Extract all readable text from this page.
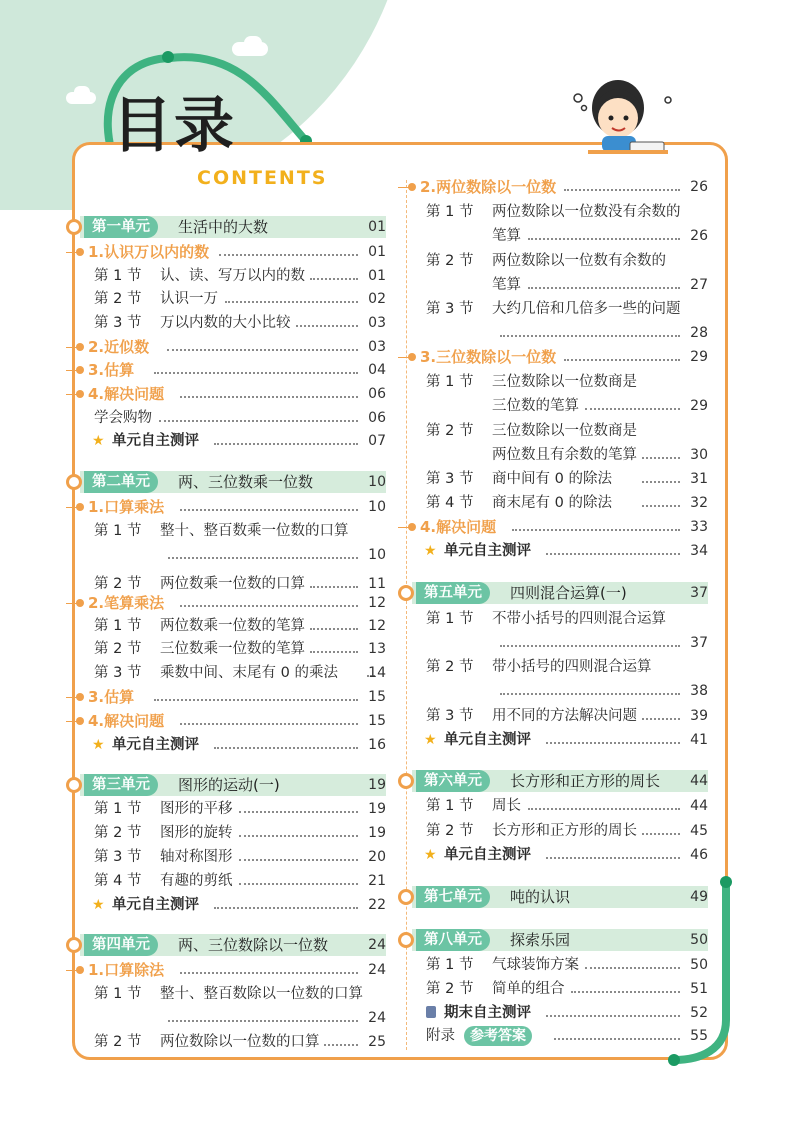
目录
CONTENTS
第一单元	生活中的大数	01
1.认识万以内的数	01
第 1 节 认、读、写万以内的数	01
第 2 节 认识一万	02
第 3 节 万以内数的大小比较	03
2.近似数	03
3.估算	04
4.解决问题	06
学会购物	06
★ 单元自主测评	07
第二单元	两、三位数乘一位数	10
1.口算乘法	10
第 1 节 整十、整百数乘一位数的口算
10
第 2 节 两位数乘一位数的口算	11
2.笔算乘法	12
第 1 节 两位数乘一位数的笔算	12
第 2 节 三位数乘一位数的笔算	13
第 3 节 乘数中间、末尾有 0 的乘法 14
3.估算	15
4.解决问题	15
★ 单元自主测评	16
第三单元	图形的运动(一)	19
第 1 节 图形的平移	19
第 2 节 图形的旋转	19
第 3 节 轴对称图形	20
第 4 节 有趣的剪纸	21
★ 单元自主测评	22
第四单元	两、三位数除以一位数	24
1.口算除法	24
第 1 节 整十、整百数除以一位数的口算
24
第 2 节 两位数除以一位数的口算	25
2.两位数除以一位数	26
第 1 节 两位数除以一位数没有余数的
笔算	26
第 2 节 两位数除以一位数有余数的
笔算	27
第 3 节 大约几倍和几倍多一些的问题
28
3.三位数除以一位数	29
第 1 节 三位数除以一位数商是
三位数的笔算	29
第 2 节 三位数除以一位数商是
两位数且有余数的笔算	30
第 3 节 商中间有 0 的除法	31
第 4 节 商末尾有 0 的除法	32
4.解决问题	33
★ 单元自主测评	34
第五单元	四则混合运算(一)	37
第 1 节 不带小括号的四则混合运算
37
第 2 节 带小括号的四则混合运算
38
第 3 节 用不同的方法解决问题	39
★ 单元自主测评	41
第六单元	长方形和正方形的周长 44
第 1 节 周长	44
第 2 节 长方形和正方形的周长	45
★ 单元自主测评	46
第七单元	吨的认识	49
第八单元	探索乐园	50
第 1 节 气球装饰方案	50
第 2 节 简单的组合	51
期末自主测评	52
附录	参考答案	55
